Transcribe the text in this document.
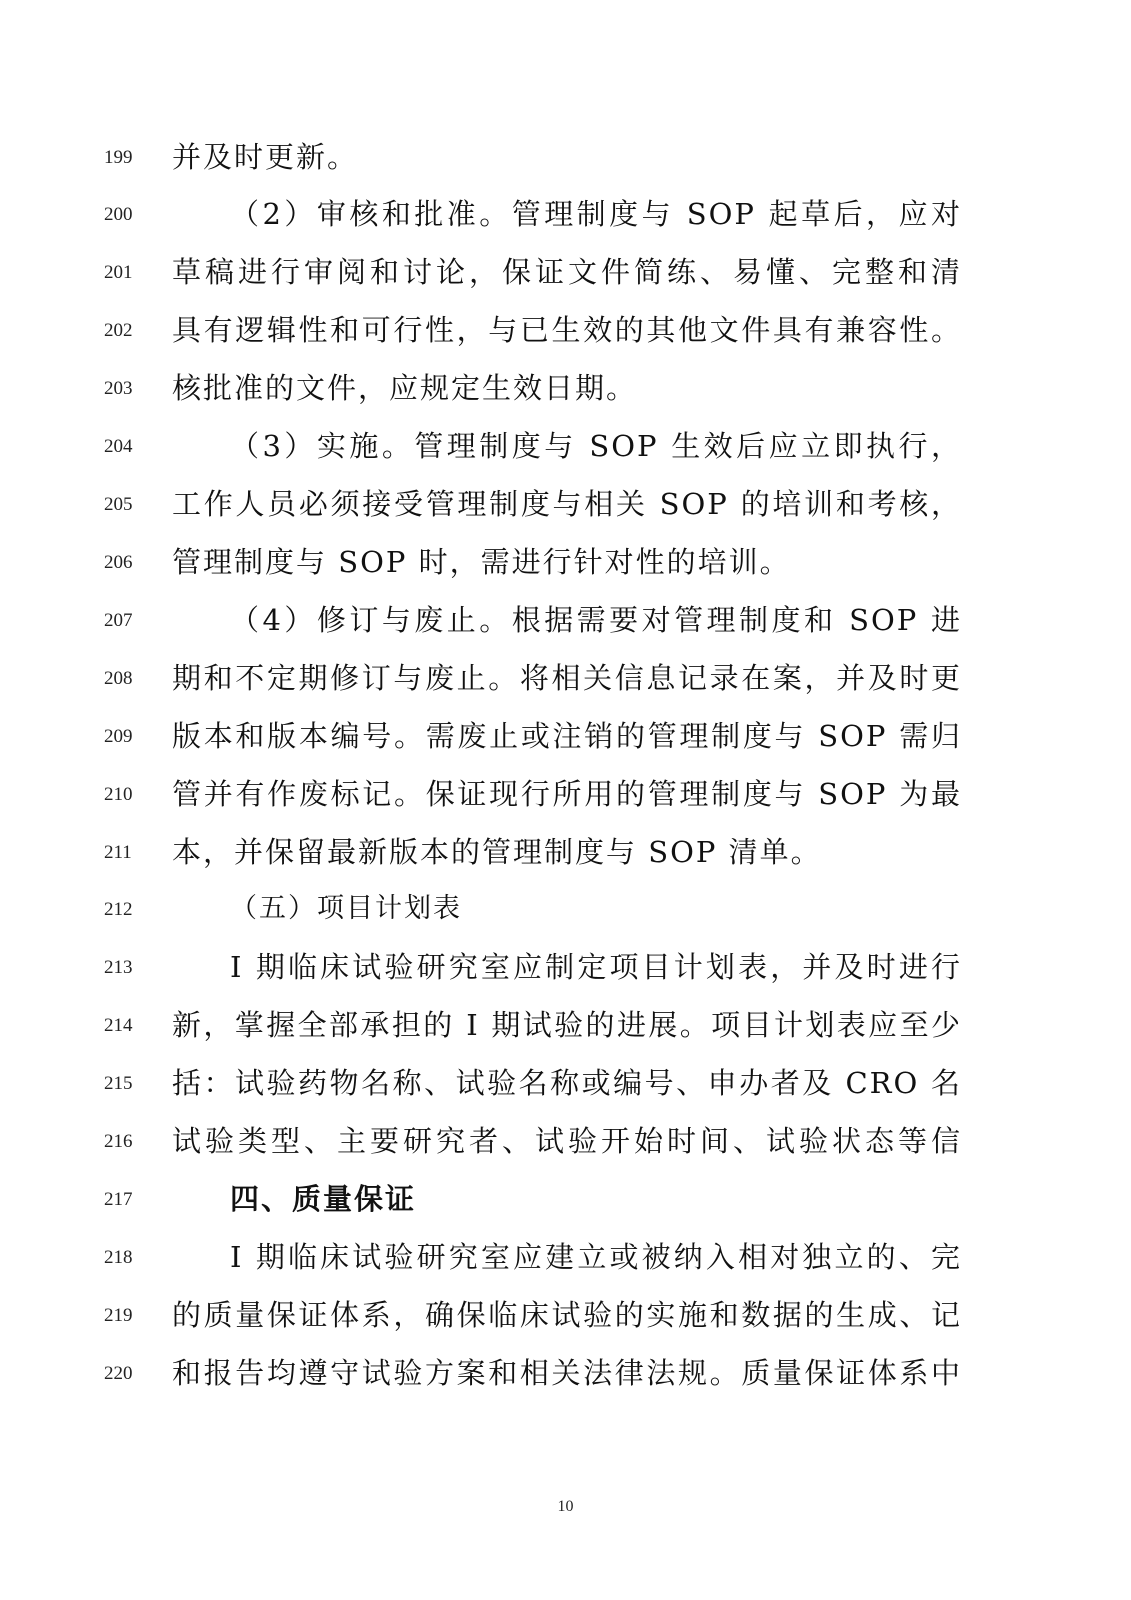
199 并及时更新。
200	（2）审核和批准。管理制度与 SOP 起草后，应对
201 草稿进行审阅和讨论，保证文件简练、易懂、完整和清
202 具有逻辑性和可行性，与已生效的其他文件具有兼容性。
203 核批准的文件，应规定生效日期。
204	（3）实施。管理制度与 SOP 生效后应立即执行，
205 工作人员必须接受管理制度与相关 SOP 的培训和考核，
206 管理制度与 SOP 时，需进行针对性的培训。
207	（4）修订与废止。根据需要对管理制度和 SOP 进
208 期和不定期修订与废止。将相关信息记录在案，并及时更
209 版本和版本编号。需废止或注销的管理制度与 SOP 需归
210 管并有作废标记。保证现行所用的管理制度与 SOP 为最
211 本，并保留最新版本的管理制度与 SOP 清单。
212	（五）项目计划表
213	I 期临床试验研究室应制定项目计划表，并及时进行
214 新，掌握全部承担的 I 期试验的进展。项目计划表应至少
215 括：试验药物名称、试验名称或编号、申办者及 CRO 名
216 试验类型、主要研究者、试验开始时间、试验状态等信
217	四、质量保证
218	I 期临床试验研究室应建立或被纳入相对独立的、完
219 的质量保证体系，确保临床试验的实施和数据的生成、记
220 和报告均遵守试验方案和相关法律法规。质量保证体系中
10
